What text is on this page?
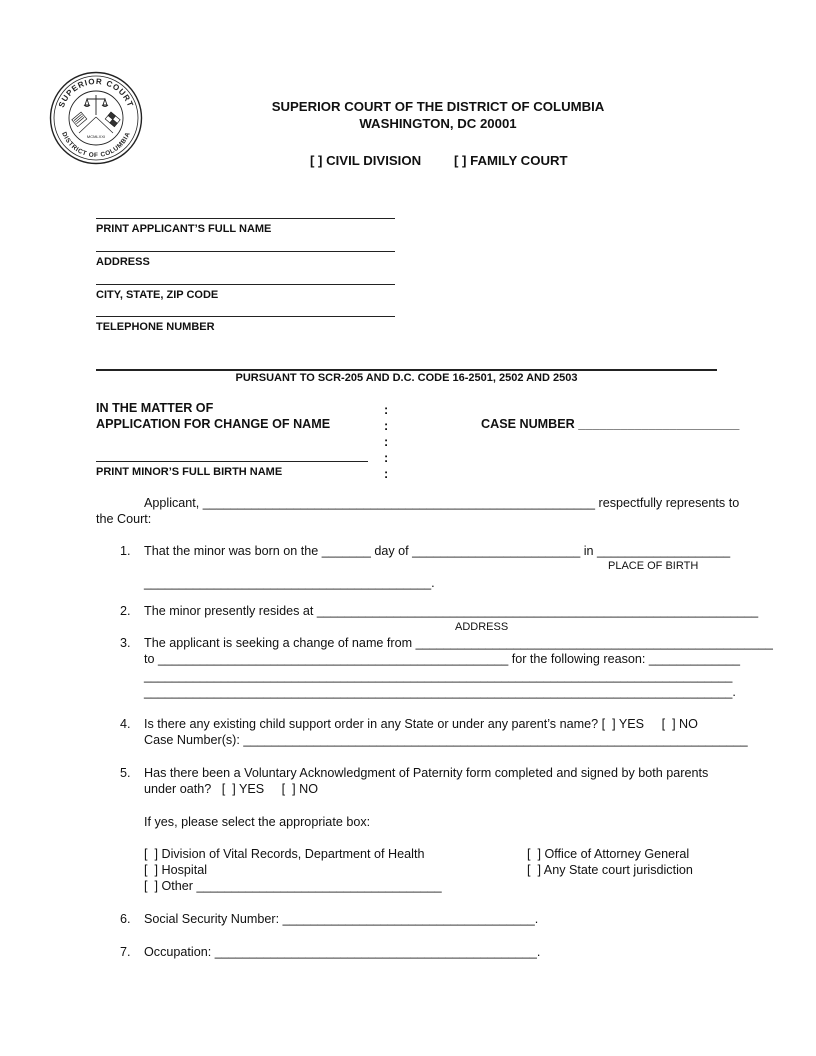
SUPERIOR COURT
DISTRICT OF COLUMBIA
MCMLXXI
SUPERIOR COURT OF THE DISTRICT OF COLUMBIA
WASHINGTON, DC 20001
[ ] CIVIL DIVISION [ ] FAMILY COURT
PRINT APPLICANT’S FULL NAME
ADDRESS
CITY, STATE, ZIP CODE
TELEPHONE NUMBER
PURSUANT TO SCR-205 AND D.C. CODE 16-2501, 2502 AND 2503
IN THE MATTER OF
APPLICATION FOR CHANGE OF NAME
PRINT MINOR’S FULL BIRTH NAME
:
:
:
:
:
CASE NUMBER _______________________
Applicant, ________________________________________________________ respectfully represents to
the Court:
1. That the minor was born on the _______ day of ________________________ in ___________________
PLACE OF BIRTH
_________________________________________.
2. The minor presently resides at _______________________________________________________________
ADDRESS
3. The applicant is seeking a change of name from ___________________________________________________
to __________________________________________________ for the following reason: _____________
____________________________________________________________________________________
____________________________________________________________________________________.
4. Is there any existing child support order in any State or under any parent’s name? [  ] YES     [  ] NO
Case Number(s): ________________________________________________________________________
5. Has there been a Voluntary Acknowledgment of Paternity form completed and signed by both parents
under oath?   [  ] YES     [  ] NO
If yes, please select the appropriate box:
[  ] Division of Vital Records, Department of Health
[  ] Hospital
[  ] Other ___________________________________
[  ] Office of Attorney General
[  ] Any State court jurisdiction
6. Social Security Number: ____________________________________.
7. Occupation: ______________________________________________.
